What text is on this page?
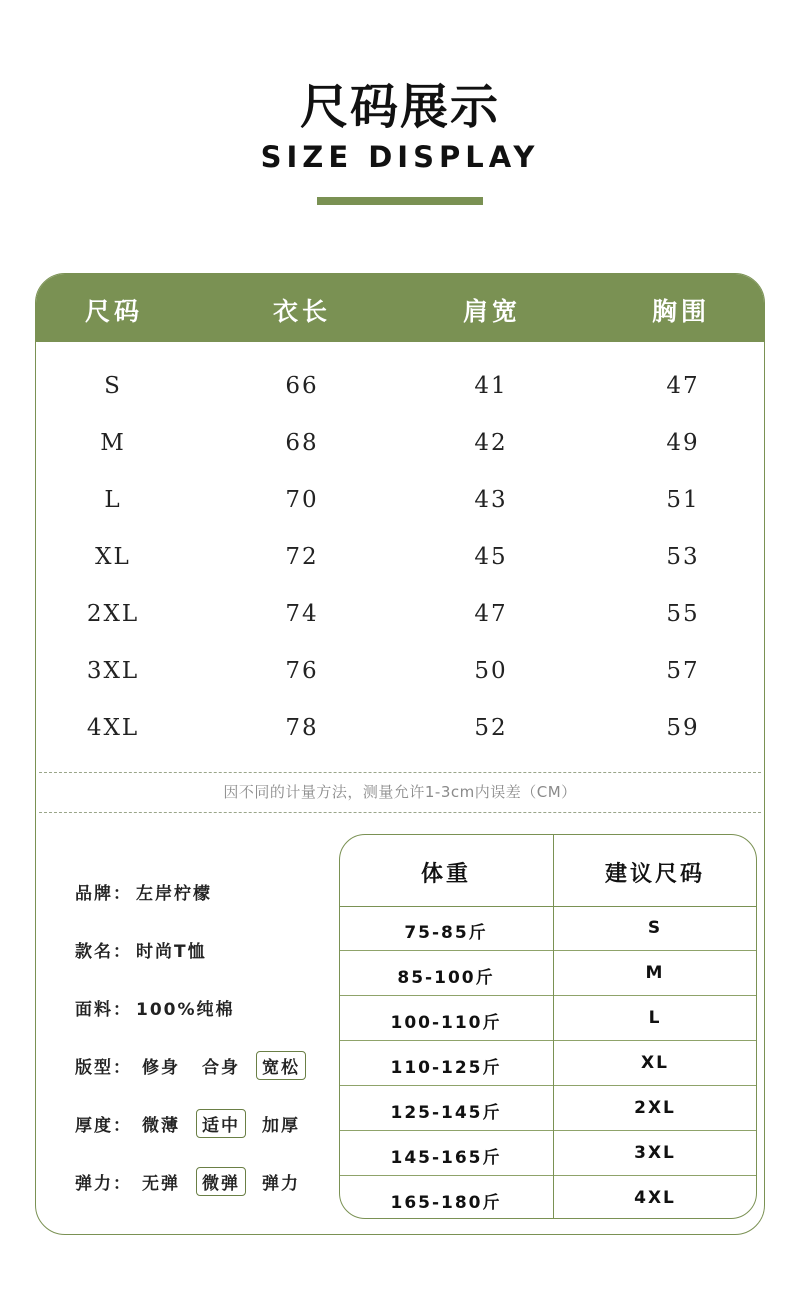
尺码展示
SIZE DISPLAY
尺码	衣长	肩宽	胸围
S	66	41	47
M	68	42	49
L	70	43	51
XL	72	45	53
2XL	74	47	55
3XL	76	50	57
4XL	78	52	59
因不同的计量方法，测量允许1-3cm内误差（CM）
品牌： 左岸柠檬
款名： 时尚T恤
面料： 100%纯棉
版型： 修身	合身	宽松
厚度： 微薄	适中	加厚
弹力： 无弹	微弹	弹力
体重	建议尺码
75-85斤	S
85-100斤	M
100-110斤	L
110-125斤	XL
125-145斤	2XL
145-165斤	3XL
165-180斤	4XL
